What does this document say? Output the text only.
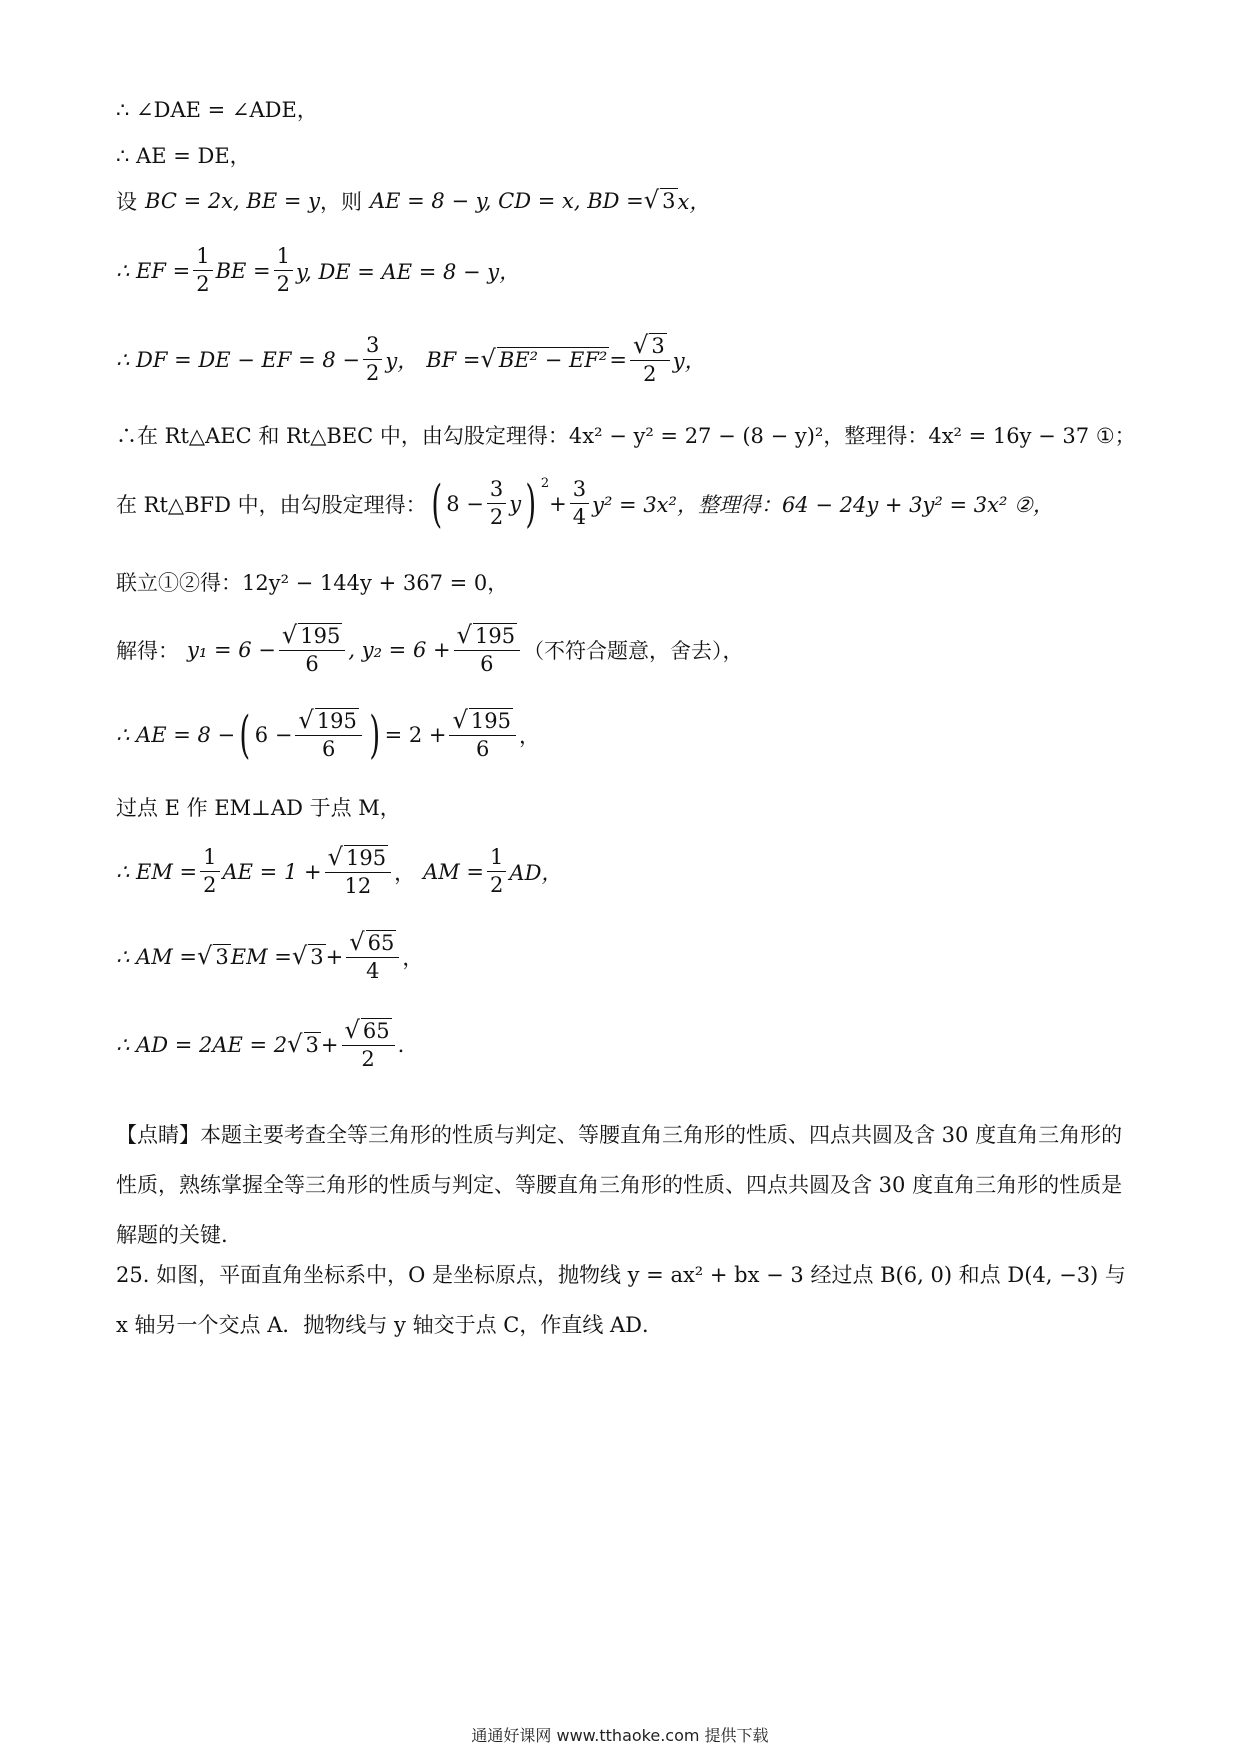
∴ ∠DAE = ∠ADE，
∴ AE = DE，
设 BC = 2x, BE = y ，则 AE = 8 − y, CD = x, BD = √ 3 x，
∴ EF = $\frac{1}{2}$ BE = $\frac{1}{2} y$, DE = AE = 8 − y，
∴ DF = DE − EF = $8 - \frac{3}{2}$ y， BF = √ $BE^2 - EF^2 = \frac{√ 3}{2}$ y，
∴在 Rt△AEC 和 Rt△BEC 中，由勾股定理得：4x² − y² = 27 − (8 − y)²，整理得：4x² = 16y − 37 ①；
在 Rt△BFD 中，由勾股定理得： ( $8 - \frac{3}{2}$ y ) 2
+ $\frac{3}{4} y^2 = 3x^2$，整理得：64 − 24y + 3y² = 3x² ②，
联立①②得：12y² − 144y + 367 = 0，
解得： $y_1 = 6 - \frac{√ 195}{6}$ , $y_2 = 6 + \frac{√ 195}{6}$ （不符合题意，舍去），
∴ AE = 8 − ( $6 - \frac{√ 195}{6}$ ) = $2 + \frac{√ 195}{6}$ ，
过点 E 作 EM⊥AD 于点 M，
∴ EM = $\frac{1}{2}$ AE = $1 + \frac{√ 195}{12}$ ， AM = $\frac{1}{2}$ AD，
∴ AM = √ 3 EM = √ $3 + \frac{√ 65}{4}$ ，
∴ AD = 2AE = 2 √ $3 + \frac{√ 65}{2}$ .
【点睛】本题主要考查全等三角形的性质与判定、等腰直角三角形的性质、四点共圆及含 30 度直角三角形的性质，熟练掌握全等三角形的性质与判定、等腰直角三角形的性质、四点共圆及含 30 度直角三角形的性质是解题的关键.
25. 如图，平面直角坐标系中，O 是坐标原点，抛物线 y = ax² + bx − 3 经过点 B(6, 0) 和点 D(4, −3) 与 x 轴另一个交点 A．抛物线与 y 轴交于点 C，作直线 AD．
通通好课网 www.tthaoke.com 提供下载
